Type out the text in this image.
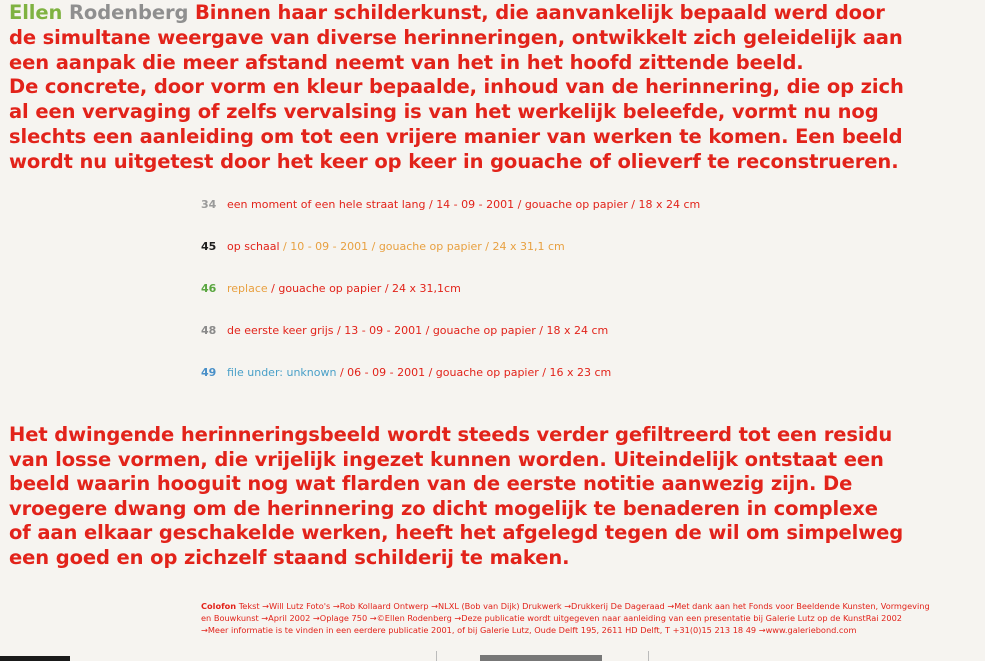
Ellen Rodenberg Binnen haar schilderkunst, die aanvankelijk bepaald werd door
de simultane weergave van diverse herinneringen, ontwikkelt zich geleidelijk aan
een aanpak die meer afstand neemt van het in het hoofd zittende beeld.
De concrete, door vorm en kleur bepaalde, inhoud van de herinnering, die op zich
al een vervaging of zelfs vervalsing is van het werkelijk beleefde, vormt nu nog
slechts een aanleiding om tot een vrijere manier van werken te komen. Een beeld
wordt nu uitgetest door het keer op keer in gouache of olieverf te reconstrueren.
34 een moment of een hele straat lang / 14 - 09 - 2001 / gouache op papier / 18 x 24 cm
45 op schaal / 10 - 09 - 2001 / gouache op papier / 24 x 31,1 cm
46 replace / gouache op papier / 24 x 31,1cm
48 de eerste keer grijs / 13 - 09 - 2001 / gouache op papier / 18 x 24 cm
49 file under: unknown / 06 - 09 - 2001 / gouache op papier / 16 x 23 cm
Het dwingende herinneringsbeeld wordt steeds verder gefiltreerd tot een residu
van losse vormen, die vrijelijk ingezet kunnen worden. Uiteindelijk ontstaat een
beeld waarin hooguit nog wat flarden van de eerste notitie aanwezig zijn. De
vroegere dwang om de herinnering zo dicht mogelijk te benaderen in complexe
of aan elkaar geschakelde werken, heeft het afgelegd tegen de wil om simpelweg
een goed en op zichzelf staand schilderij te maken.
Colofon Tekst →Will Lutz Foto's →Rob Kollaard Ontwerp →NLXL (Bob van Dijk) Drukwerk →Drukkerij De Dageraad →Met dank aan het Fonds voor Beeldende Kunsten, Vormgeving
en Bouwkunst →April 2002 →Oplage 750 →©Ellen Rodenberg →Deze publicatie wordt uitgegeven naar aanleiding van een presentatie bij Galerie Lutz op de KunstRai 2002
→Meer informatie is te vinden in een eerdere publicatie 2001, of bij Galerie Lutz, Oude Delft 195, 2611 HD Delft, T +31(0)15 213 18 49 →www.galeriebond.com
